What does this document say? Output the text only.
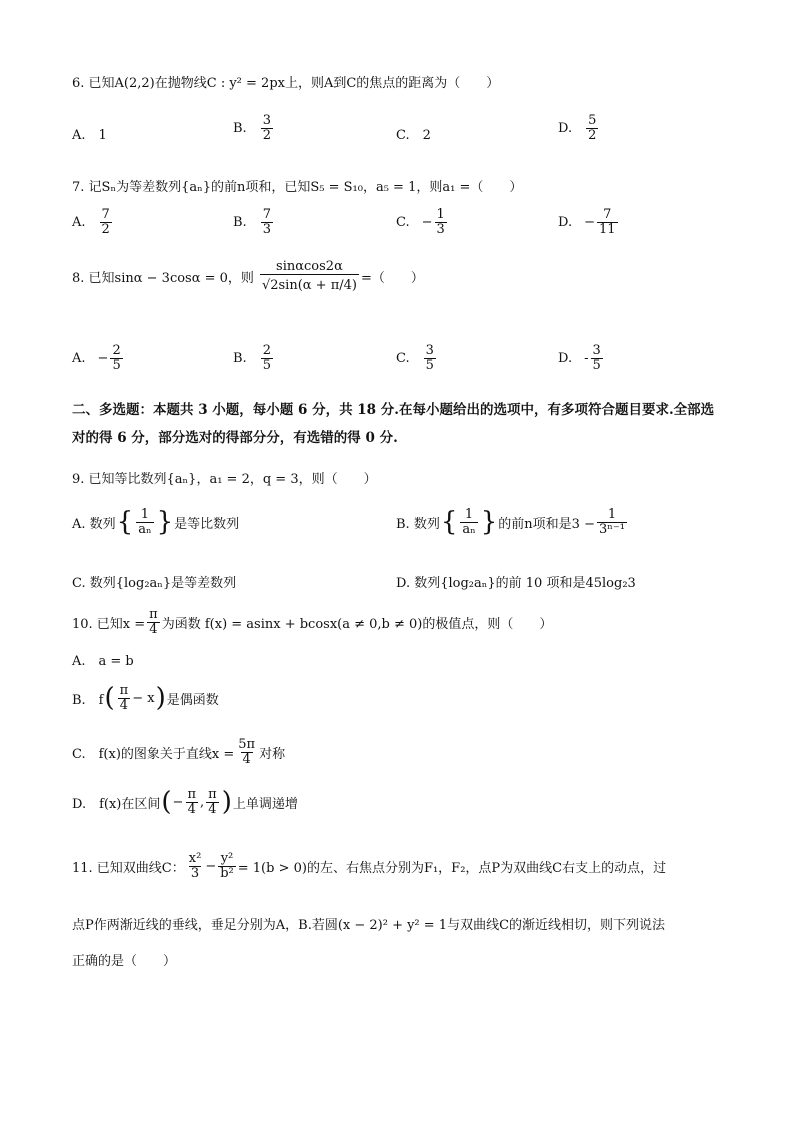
6. 已知A(2,2)在抛物线C : y² = 2px上，则A到C的焦点的距离为（　　）
A.　1	B. $\frac{3}{2}$	C.　2	D. $\frac{5}{2}$
7. 记Sₙ为等差数列{aₙ}的前n项和，已知S₅ = S₁₀，a₅ = 1，则a₁ =（　　）
A. $\frac{7}{2}$	B. $\frac{7}{3}$	C. − $\frac{1}{3}$	D. − $\frac{7}{11}$
8. 已知sinα − 3cosα = 0，则 $\frac{\sin\alpha\cos 2\alpha}{√2\sin(\alpha + \pi/4)}$ =（　　）
A. − $\frac{2}{5}$	B. $\frac{2}{5}$	C. $\frac{3}{5}$	D. - $\frac{3}{5}$
二、多选题：本题共 3 小题，每小题 6 分，共 18 分.在每小题给出的选项中，有多项符合题目要求.全部选对的得 6 分，部分选对的得部分分，有选错的得 0 分.
9. 已知等比数列{aₙ}，a₁ = 2，q = 3，则（　　）
A. 数列 { $\frac{1}{\text{aₙ}}$ } 是等比数列	B. 数列 { $\frac{1}{\text{aₙ}}$ } 的前n项和是$3 - \frac{1}{\text{3ⁿ⁻¹}}$
C. 数列{log₂aₙ}是等差数列	D. 数列{log₂aₙ}的前 10 项和是45log₂3
10. 已知$x = \frac{\pi}{4}$ 为函数 f(x) = asinx + bcosx(a ≠ 0,b ≠ 0)的极值点，则（　　）
A.　a = b
B.　f ( $\frac{\pi}{4} - x$ ) 是偶函数
C.　f(x)的图象关于直线$x = \frac{5\pi}{4}$ 对称
D.　f(x)在区间 ( − $\frac{\pi}{4}$ , $\frac{\pi}{4}$ ) 上单调递增
11. 已知双曲线C： $\frac{\text{x²}}{3} - \frac{\text{y²}}{\text{b²}} = 1(b > 0)$的左、右焦点分别为F₁，F₂，点P为双曲线C右支上的动点，过
点P作两渐近线的垂线，垂足分别为A，B.若圆(x − 2)² + y² = 1与双曲线C的渐近线相切，则下列说法
正确的是（　　）
